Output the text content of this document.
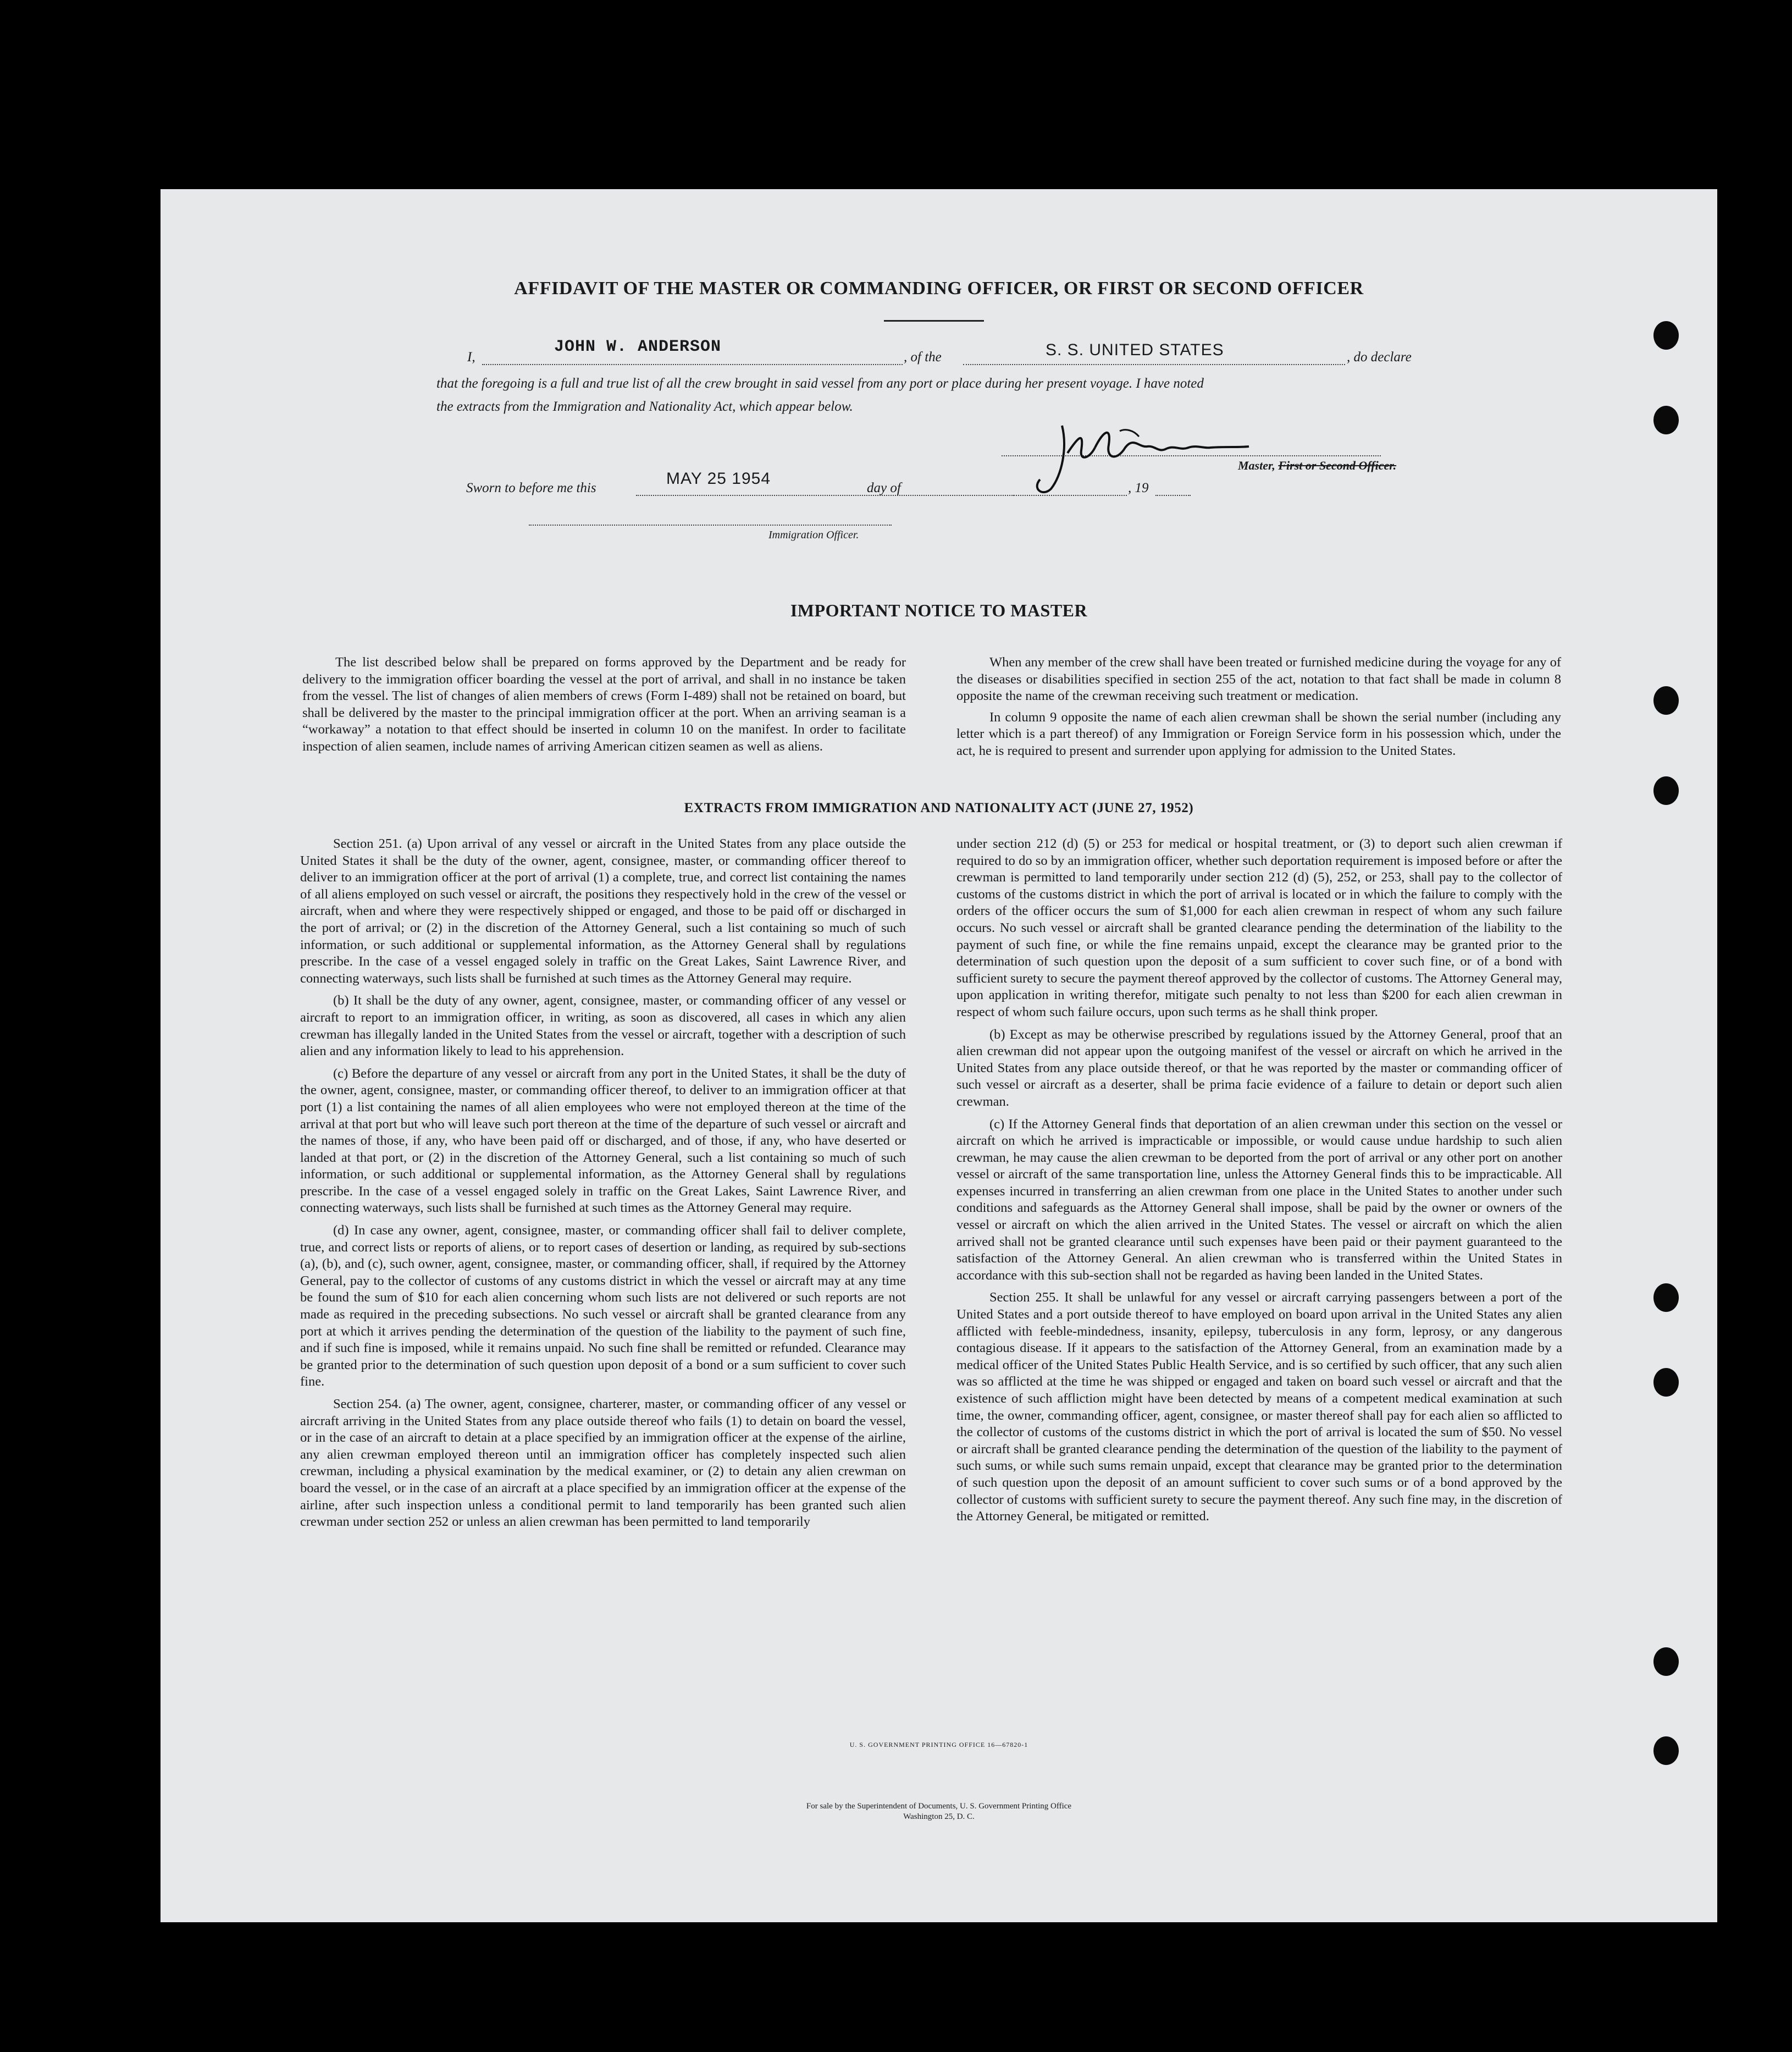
AFFIDAVIT OF THE MASTER OR COMMANDING OFFICER, OR FIRST OR SECOND OFFICER
I,
JOHN W. ANDERSON
, of the	S. S. UNITED STATES	, do declare
that the foregoing is a full and true list of all the crew brought in said vessel from any port or place during her present voyage. I have noted
the extracts from the Immigration and Nationality Act, which appear below.
J.W. Anderson
Master, First or Second Officer.
Sworn to before me this
MAY 25 1954
day of	, 19
Immigration Officer.
IMPORTANT NOTICE TO MASTER

The list described below shall be prepared on forms approved by the Department and be ready for delivery to the immigration officer boarding the vessel at the port of arrival, and shall in no instance be taken from the vessel. The list of changes of alien members of crews (Form I-489) shall not be retained on board, but shall be delivered by the master to the principal immigration officer at the port. When an arriving seaman is a “workaway” a notation to that effect should be inserted in column 10 on the manifest. In order to facilitate inspection of alien seamen, include names of arriving American citizen seamen as well as aliens.

When any member of the crew shall have been treated or furnished medicine during the voyage for any of the diseases or disabilities specified in section 255 of the act, notation to that fact shall be made in column 8 opposite the name of the crewman receiving such treatment or medication.

In column 9 opposite the name of each alien crewman shall be shown the serial number (including any letter which is a part thereof) of any Immigration or Foreign Service form in his possession which, under the act, he is required to present and surrender upon applying for admission to the United States.

EXTRACTS FROM IMMIGRATION AND NATIONALITY ACT (JUNE 27, 1952)

Section 251. (a) Upon arrival of any vessel or aircraft in the United States from any place outside the United States it shall be the duty of the owner, agent, consignee, master, or commanding officer thereof to deliver to an immigration officer at the port of arrival (1) a complete, true, and correct list containing the names of all aliens employed on such vessel or aircraft, the positions they respectively hold in the crew of the vessel or aircraft, when and where they were respectively shipped or engaged, and those to be paid off or discharged in the port of arrival; or (2) in the discretion of the Attorney General, such a list containing so much of such information, or such additional or supplemental information, as the Attorney General shall by regulations prescribe. In the case of a vessel engaged solely in traffic on the Great Lakes, Saint Lawrence River, and connecting waterways, such lists shall be furnished at such times as the Attorney General may require.

(b) It shall be the duty of any owner, agent, consignee, master, or commanding officer of any vessel or aircraft to report to an immigration officer, in writing, as soon as discovered, all cases in which any alien crewman has illegally landed in the United States from the vessel or aircraft, together with a description of such alien and any information likely to lead to his apprehension.

(c) Before the departure of any vessel or aircraft from any port in the United States, it shall be the duty of the owner, agent, consignee, master, or commanding officer thereof, to deliver to an immigration officer at that port (1) a list containing the names of all alien employees who were not employed thereon at the time of the arrival at that port but who will leave such port thereon at the time of the departure of such vessel or aircraft and the names of those, if any, who have been paid off or discharged, and of those, if any, who have deserted or landed at that port, or (2) in the discretion of the Attorney General, such a list containing so much of such information, or such additional or supplemental information, as the Attorney General shall by regulations prescribe. In the case of a vessel engaged solely in traffic on the Great Lakes, Saint Lawrence River, and connecting waterways, such lists shall be furnished at such times as the Attorney General may require.

(d) In case any owner, agent, consignee, master, or commanding officer shall fail to deliver complete, true, and correct lists or reports of aliens, or to report cases of desertion or landing, as required by sub-sections (a), (b), and (c), such owner, agent, consignee, master, or commanding officer, shall, if required by the Attorney General, pay to the collector of customs of any customs district in which the vessel or aircraft may at any time be found the sum of $10 for each alien concerning whom such lists are not delivered or such reports are not made as required in the preceding subsections. No such vessel or aircraft shall be granted clearance from any port at which it arrives pending the determination of the question of the liability to the payment of such fine, and if such fine is imposed, while it remains unpaid. No such fine shall be remitted or refunded. Clearance may be granted prior to the determination of such question upon deposit of a bond or a sum sufficient to cover such fine.

Section 254. (a) The owner, agent, consignee, charterer, master, or commanding officer of any vessel or aircraft arriving in the United States from any place outside thereof who fails (1) to detain on board the vessel, or in the case of an aircraft to detain at a place specified by an immigration officer at the expense of the airline, any alien crewman employed thereon until an immigration officer has completely inspected such alien crewman, including a physical examination by the medical examiner, or (2) to detain any alien crewman on board the vessel, or in the case of an aircraft at a place specified by an immigration officer at the expense of the airline, after such inspection unless a conditional permit to land temporarily has been granted such alien crewman under section 252 or unless an alien crewman has been permitted to land temporarily

under section 212 (d) (5) or 253 for medical or hospital treatment, or (3) to deport such alien crewman if required to do so by an immigration officer, whether such deportation requirement is imposed before or after the crewman is permitted to land temporarily under section 212 (d) (5), 252, or 253, shall pay to the collector of customs of the customs district in which the port of arrival is located or in which the failure to comply with the orders of the officer occurs the sum of $1,000 for each alien crewman in respect of whom any such failure occurs. No such vessel or aircraft shall be granted clearance pending the determination of the liability to the payment of such fine, or while the fine remains unpaid, except the clearance may be granted prior to the determination of such question upon the deposit of a sum sufficient to cover such fine, or of a bond with sufficient surety to secure the payment thereof approved by the collector of customs. The Attorney General may, upon application in writing therefor, mitigate such penalty to not less than $200 for each alien crewman in respect of whom such failure occurs, upon such terms as he shall think proper.

(b) Except as may be otherwise prescribed by regulations issued by the Attorney General, proof that an alien crewman did not appear upon the outgoing manifest of the vessel or aircraft on which he arrived in the United States from any place outside thereof, or that he was reported by the master or commanding officer of such vessel or aircraft as a deserter, shall be prima facie evidence of a failure to detain or deport such alien crewman.

(c) If the Attorney General finds that deportation of an alien crewman under this section on the vessel or aircraft on which he arrived is impracticable or impossible, or would cause undue hardship to such alien crewman, he may cause the alien crewman to be deported from the port of arrival or any other port on another vessel or aircraft of the same transportation line, unless the Attorney General finds this to be impracticable. All expenses incurred in transferring an alien crewman from one place in the United States to another under such conditions and safeguards as the Attorney General shall impose, shall be paid by the owner or owners of the vessel or aircraft on which the alien arrived in the United States. The vessel or aircraft on which the alien arrived shall not be granted clearance until such expenses have been paid or their payment guaranteed to the satisfaction of the Attorney General. An alien crewman who is transferred within the United States in accordance with this sub-section shall not be regarded as having been landed in the United States.

Section 255. It shall be unlawful for any vessel or aircraft carrying passengers between a port of the United States and a port outside thereof to have employed on board upon arrival in the United States any alien afflicted with feeble-mindedness, insanity, epilepsy, tuberculosis in any form, leprosy, or any dangerous contagious disease. If it appears to the satisfaction of the Attorney General, from an examination made by a medical officer of the United States Public Health Service, and is so certified by such officer, that any such alien was so afflicted at the time he was shipped or engaged and taken on board such vessel or aircraft and that the existence of such affliction might have been detected by means of a competent medical examination at such time, the owner, commanding officer, agent, consignee, or master thereof shall pay for each alien so afflicted to the collector of customs of the customs district in which the port of arrival is located the sum of $50. No vessel or aircraft shall be granted clearance pending the determination of the question of the liability to the payment of such sums, or while such sums remain unpaid, except that clearance may be granted prior to the determination of such question upon the deposit of an amount sufficient to cover such sums or of a bond approved by the collector of customs with sufficient surety to secure the payment thereof. Any such fine may, in the discretion of the Attorney General, be mitigated or remitted.

U. S. GOVERNMENT PRINTING OFFICE 16—67820-1
For sale by the Superintendent of Documents, U. S. Government Printing Office
Washington 25, D. C.
